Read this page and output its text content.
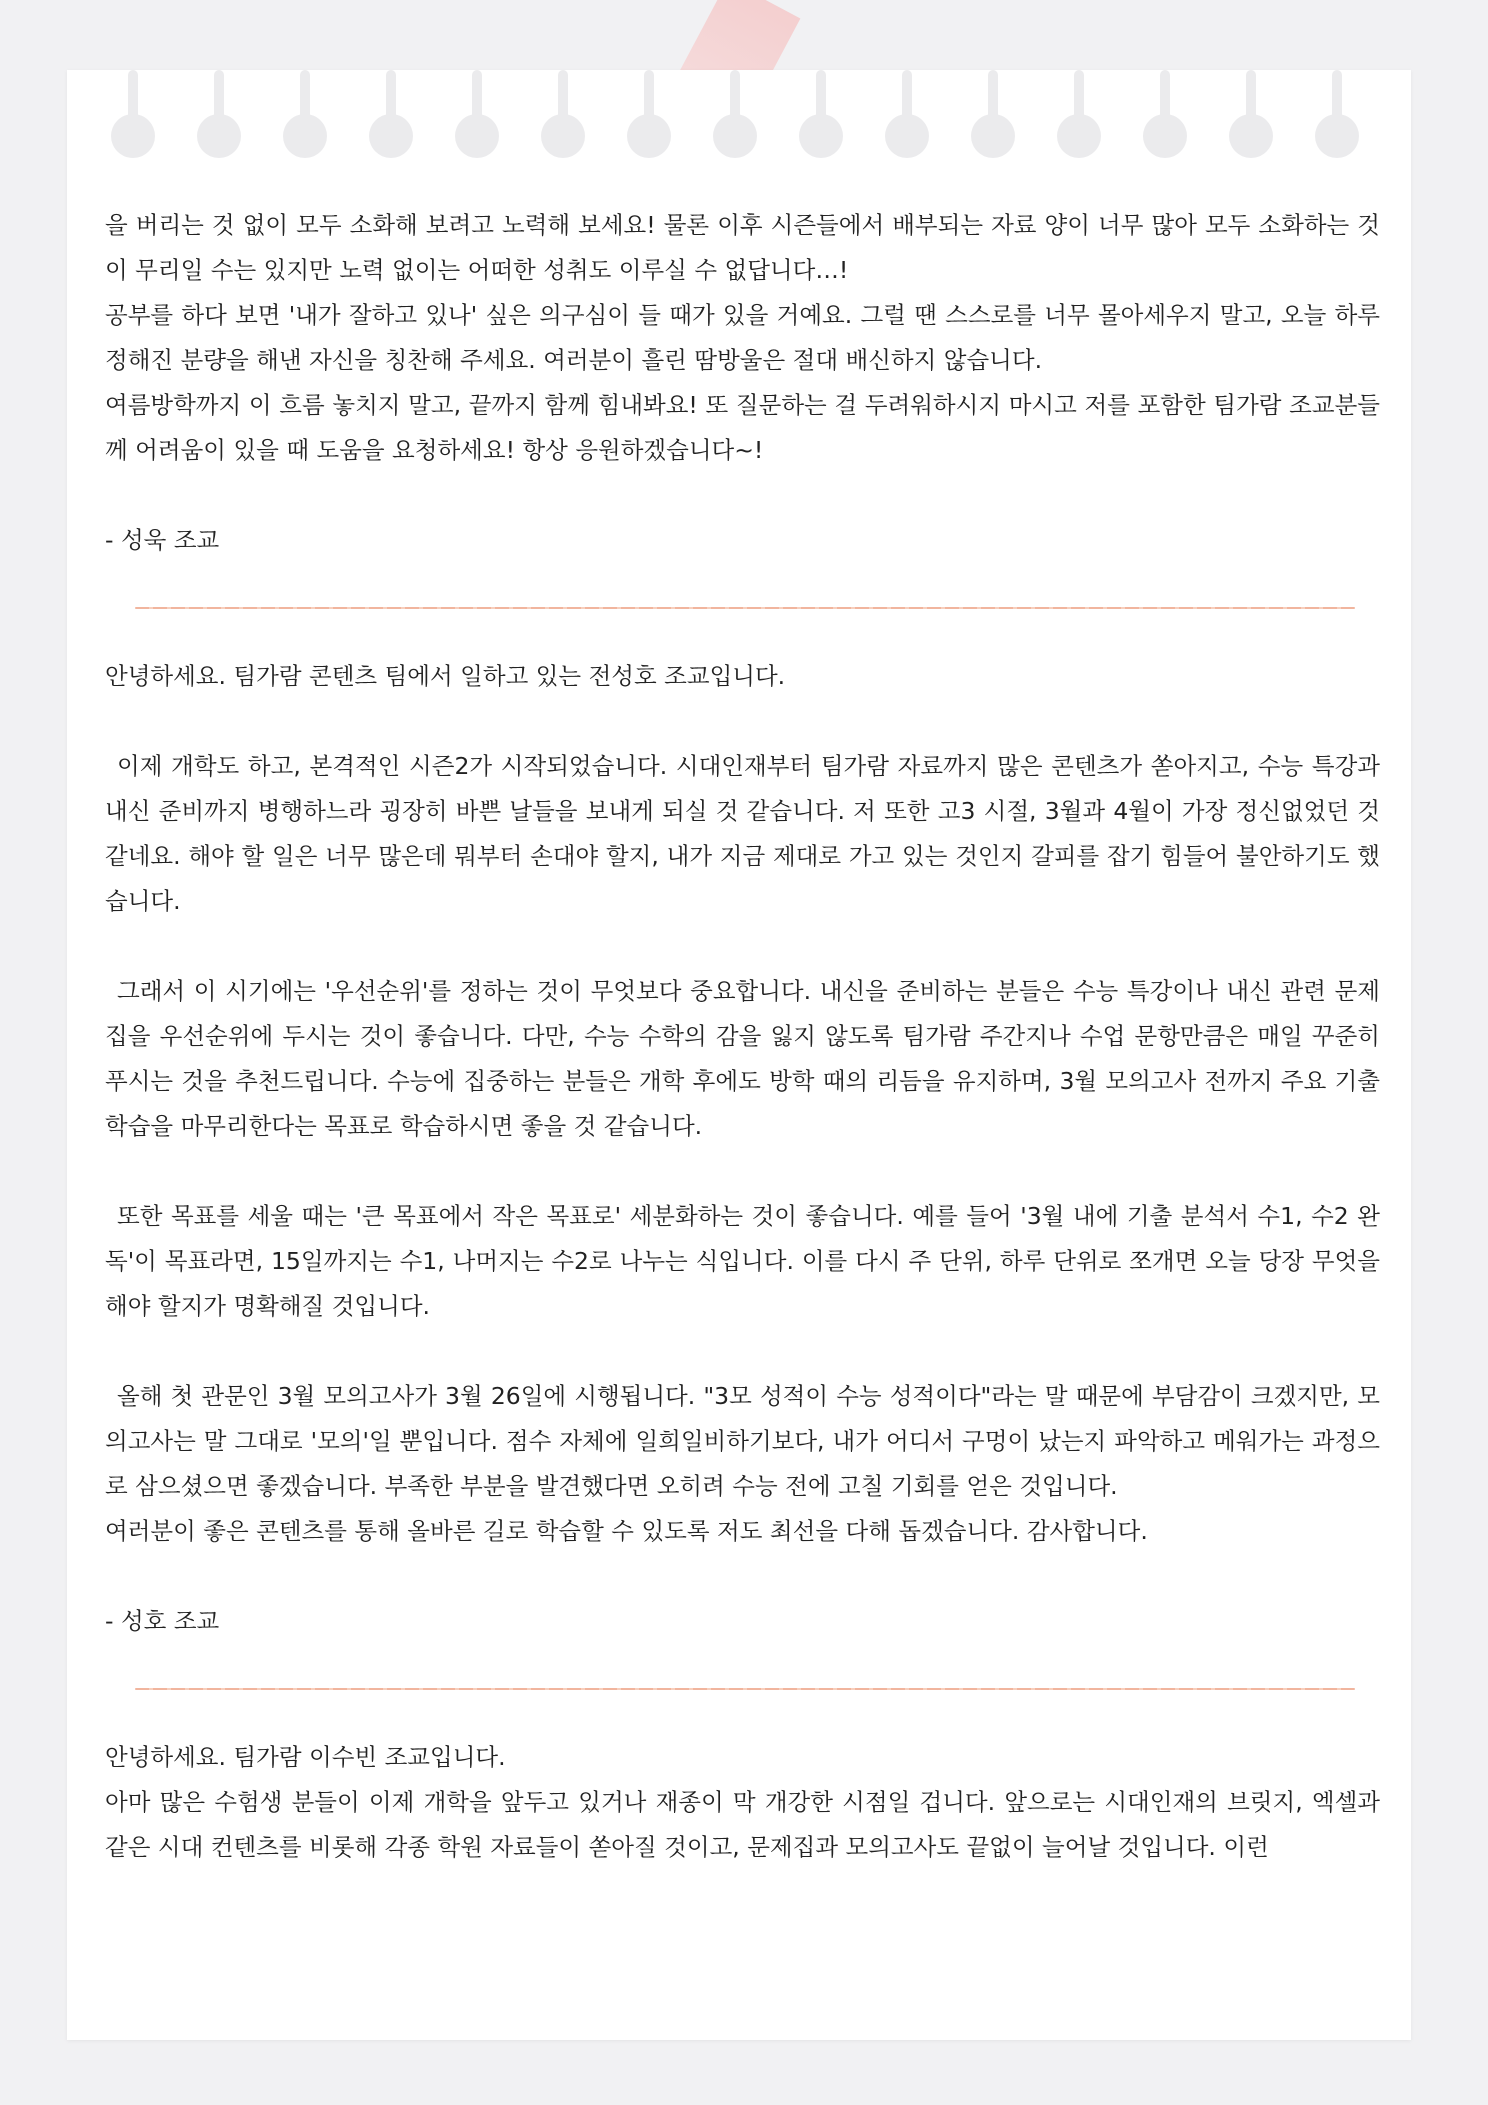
을 버리는 것 없이 모두 소화해 보려고 노력해 보세요! 물론 이후 시즌들에서 배부되는 자료 양이 너무 많아 모두 소화하는 것이 무리일 수는 있지만 노력 없이는 어떠한 성취도 이루실 수 없답니다…!

공부를 하다 보면 '내가 잘하고 있나' 싶은 의구심이 들 때가 있을 거예요. 그럴 땐 스스로를 너무 몰아세우지 말고, 오늘 하루 정해진 분량을 해낸 자신을 칭찬해 주세요. 여러분이 흘린 땀방울은 절대 배신하지 않습니다.

여름방학까지 이 흐름 놓치지 말고, 끝까지 함께 힘내봐요! 또 질문하는 걸 두려워하시지 마시고 저를 포함한 팀가람 조교분들께 어려움이 있을 때 도움을 요청하세요! 항상 응원하겠습니다~!

- 성욱 조교

안녕하세요. 팀가람 콘텐츠 팀에서 일하고 있는 전성호 조교입니다.

이제 개학도 하고, 본격적인 시즌2가 시작되었습니다. 시대인재부터 팀가람 자료까지 많은 콘텐츠가 쏟아지고, 수능 특강과 내신 준비까지 병행하느라 굉장히 바쁜 날들을 보내게 되실 것 같습니다. 저 또한 고3 시절, 3월과 4월이 가장 정신없었던 것 같네요. 해야 할 일은 너무 많은데 뭐부터 손대야 할지, 내가 지금 제대로 가고 있는 것인지 갈피를 잡기 힘들어 불안하기도 했습니다.

그래서 이 시기에는 '우선순위'를 정하는 것이 무엇보다 중요합니다. 내신을 준비하는 분들은 수능 특강이나 내신 관련 문제집을 우선순위에 두시는 것이 좋습니다. 다만, 수능 수학의 감을 잃지 않도록 팀가람 주간지나 수업 문항만큼은 매일 꾸준히 푸시는 것을 추천드립니다. 수능에 집중하는 분들은 개학 후에도 방학 때의 리듬을 유지하며, 3월 모의고사 전까지 주요 기출 학습을 마무리한다는 목표로 학습하시면 좋을 것 같습니다.

또한 목표를 세울 때는 '큰 목표에서 작은 목표로' 세분화하는 것이 좋습니다. 예를 들어 '3월 내에 기출 분석서 수1, 수2 완독'이 목표라면, 15일까지는 수1, 나머지는 수2로 나누는 식입니다. 이를 다시 주 단위, 하루 단위로 쪼개면 오늘 당장 무엇을 해야 할지가 명확해질 것입니다.

올해 첫 관문인 3월 모의고사가 3월 26일에 시행됩니다. "3모 성적이 수능 성적이다"라는 말 때문에 부담감이 크겠지만, 모의고사는 말 그대로 '모의'일 뿐입니다. 점수 자체에 일희일비하기보다, 내가 어디서 구멍이 났는지 파악하고 메워가는 과정으로 삼으셨으면 좋겠습니다. 부족한 부분을 발견했다면 오히려 수능 전에 고칠 기회를 얻은 것입니다.

여러분이 좋은 콘텐츠를 통해 올바른 길로 학습할 수 있도록 저도 최선을 다해 돕겠습니다. 감사합니다.

- 성호 조교

안녕하세요. 팀가람 이수빈 조교입니다.

아마 많은 수험생 분들이 이제 개학을 앞두고 있거나 재종이 막 개강한 시점일 겁니다. 앞으로는 시대인재의 브릿지, 엑셀과 같은 시대 컨텐츠를 비롯해 각종 학원 자료들이 쏟아질 것이고, 문제집과 모의고사도 끝없이 늘어날 것입니다. 이런
